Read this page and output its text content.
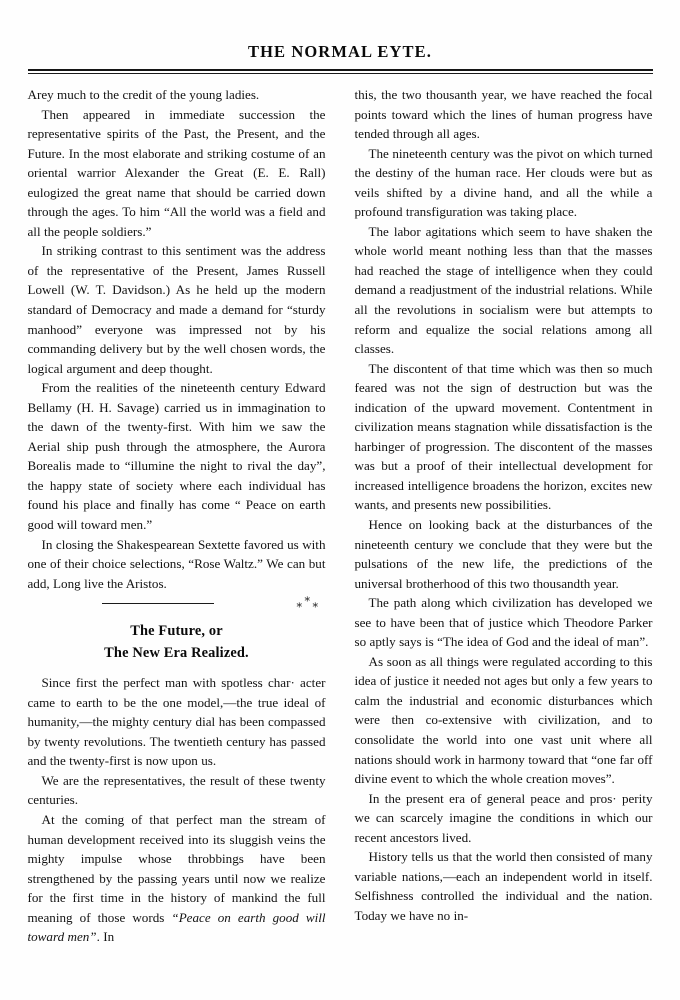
THE NORMAL EYTE.

Arey much to the credit of the young ladies.

Then appeared in immediate succession the representative spirits of the Past, the Present, and the Future. In the most elaborate and striking costume of an oriental warrior Alexander the Great (E. E. Rall) eulogized the great name that should be carried down through the ages. To him “All the world was a field and all the people soldiers.”

In striking contrast to this sentiment was the address of the representative of the Present, James Russell Lowell (W. T. Davidson.) As he held up the modern standard of Democracy and made a demand for “sturdy manhood” everyone was impressed not by his commanding delivery but by the well chosen words, the logical argument and deep thought.

From the realities of the nineteenth century Edward Bellamy (H. H. Savage) carried us in immagination to the dawn of the twenty-first. With him we saw the Aerial ship push through the atmosphere, the Aurora Borealis made to “illumine the night to rival the day”, the happy state of society where each individual has found his place and finally has come “ Peace on earth good will toward men.”

In closing the Shakespearean Sextette favored us with one of their choice selections, “Rose Waltz.” We can but add, Long live the Aristos.

⁎
⁎ ⁎
The Future, or
The New Era Realized.

Since first the perfect man with spotless char· acter came to earth to be the one model,—the true ideal of humanity,—the mighty century dial has been compassed by twenty revolutions. The twentieth century has passed and the twenty-first is now upon us.

We are the representatives, the result of these twenty centuries.

At the coming of that perfect man the stream of human development received into its sluggish veins the mighty impulse whose throbbings have been strengthened by the passing years until now we realize for the first time in the history of mankind the full meaning of those words “Peace on earth good will toward men”. In

this, the two thousanth year, we have reached the focal points toward which the lines of human progress have tended through all ages.

The nineteenth century was the pivot on which turned the destiny of the human race. Her clouds were but as veils shifted by a divine hand, and all the while a profound transfiguration was taking place.

The labor agitations which seem to have shaken the whole world meant nothing less than that the masses had reached the stage of intelligence when they could demand a readjustment of the industrial relations. While all the revolutions in socialism were but attempts to reform and equalize the social relations among all classes.

The discontent of that time which was then so much feared was not the sign of destruction but was the indication of the upward movement. Contentment in civilization means stagnation while dissatisfaction is the harbinger of progression. The discontent of the masses was but a proof of their intellectual development for increased intelligence broadens the horizon, excites new wants, and presents new possibilities.

Hence on looking back at the disturbances of the nineteenth century we conclude that they were but the pulsations of the new life, the predictions of the universal brotherhood of this two thousandth year.

The path along which civilization has developed we see to have been that of justice which Theodore Parker so aptly says is “The idea of God and the ideal of man”.

As soon as all things were regulated according to this idea of justice it needed not ages but only a few years to calm the industrial and economic disturbances which were then co-extensive with civilization, and to consolidate the world into one vast unit where all nations should work in harmony toward that “one far off divine event to which the whole creation moves”.

In the present era of general peace and pros· perity we can scarcely imagine the conditions in which our recent ancestors lived.

History tells us that the world then consisted of many variable nations,—each an independent world in itself. Selfishness controlled the individual and the nation. Today we have no in-
